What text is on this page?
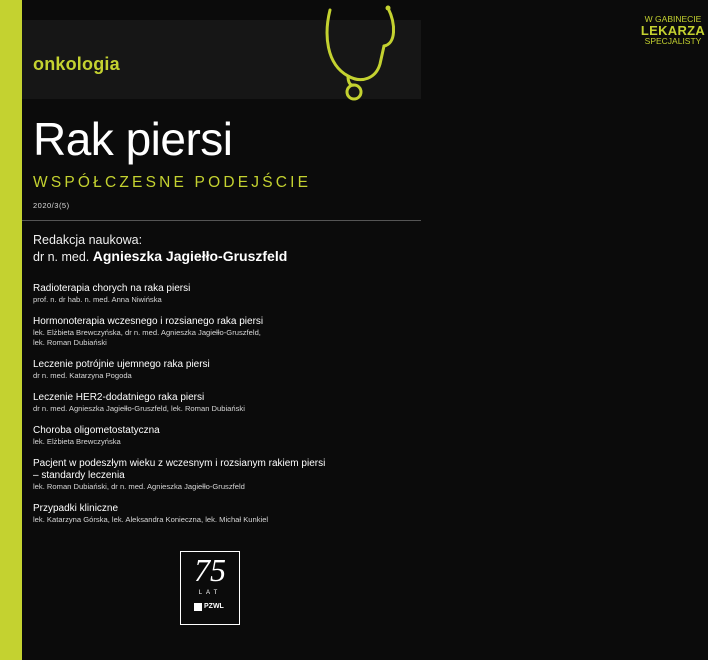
onkologia
W GABINECIE
LEKARZA
SPECJALISTY
Rak piersi
WSPÓŁCZESNE PODEJŚCIE
2020/3(5)
Redakcja naukowa:
dr n. med. Agnieszka Jagiełło-Gruszfeld
Radioterapia chorych na raka piersi
prof. n. dr hab. n. med. Anna Niwińska
Hormonoterapia wczesnego i rozsianego raka piersi
lek. Elżbieta Brewczyńska, dr n. med. Agnieszka Jagiełło-Gruszfeld,
lek. Roman Dubiański
Leczenie potrójnie ujemnego raka piersi
dr n. med. Katarzyna Pogoda
Leczenie HER2-dodatniego raka piersi
dr n. med. Agnieszka Jagiełło-Gruszfeld, lek. Roman Dubiański
Choroba oligometostatyczna
lek. Elżbieta Brewczyńska
Pacjent w podeszłym wieku z wczesnym i rozsianym rakiem piersi
– standardy leczenia
lek. Roman Dubiański, dr n. med. Agnieszka Jagiełło-Gruszfeld
Przypadki kliniczne
lek. Katarzyna Górska, lek. Aleksandra Konieczna, lek. Michał Kunkiel
75
LAT
PZWL
